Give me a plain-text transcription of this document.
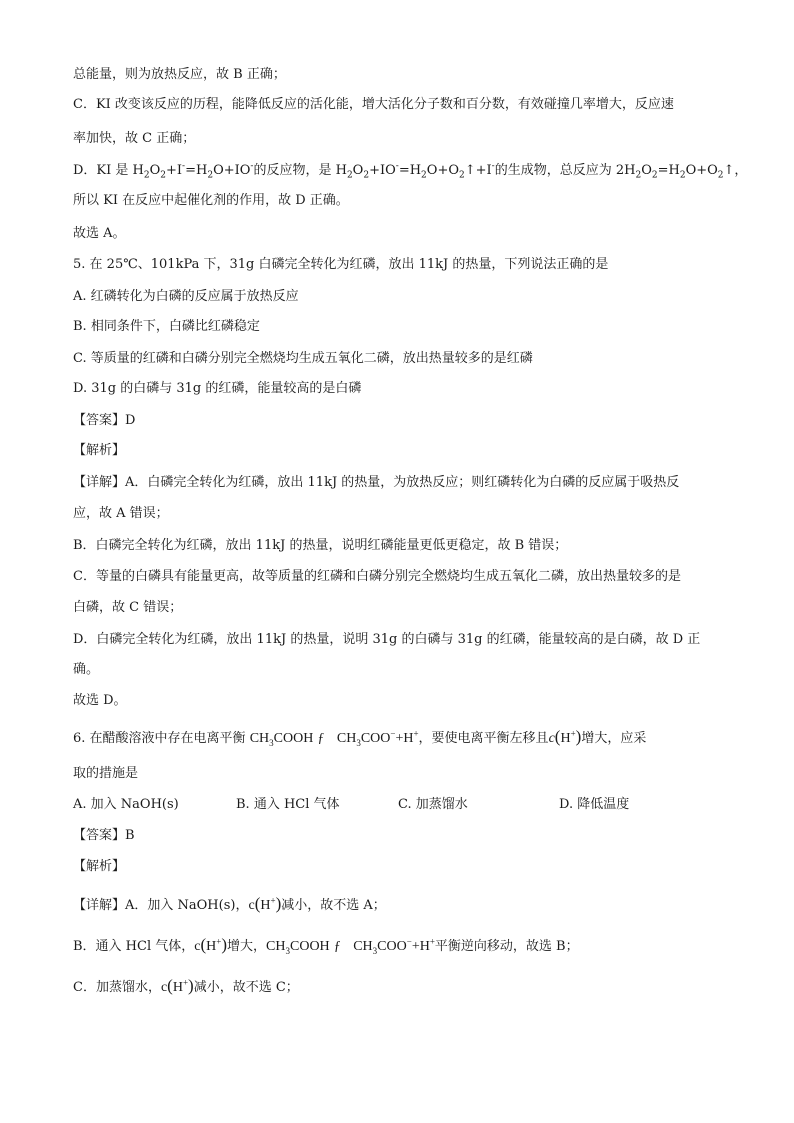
总能量，则为放热反应，故 B 正确；
C．KI 改变该反应的历程，能降低反应的活化能，增大活化分子数和百分数，有效碰撞几率增大，反应速
率加快，故 C 正确；
D．KI 是 $H_2O_2+I^-=H_2O+IO^-$的反应物，是 $H_2O_2+IO^-=H_2O+O_2↑+I^-$的生成物，总反应为 $2H_2O_2=H_2O+O_2↑$，
所以 KI 在反应中起催化剂的作用，故 D 正确。
故选 A。
5. 在 25℃、101kPa 下，31g 白磷完全转化为红磷，放出 11kJ 的热量，下列说法正确的是
A. 红磷转化为白磷的反应属于放热反应
B. 相同条件下，白磷比红磷稳定
C. 等质量的红磷和白磷分别完全燃烧均生成五氧化二磷，放出热量较多的是红磷
D. 31g 的白磷与 31g 的红磷，能量较高的是白磷
【答案】D
【解析】
【详解】A．白磷完全转化为红磷，放出 11kJ 的热量，为放热反应；则红磷转化为白磷的反应属于吸热反
应，故 A 错误；
B．白磷完全转化为红磷，放出 11kJ 的热量，说明红磷能量更低更稳定，故 B 错误；
C．等量的白磷具有能量更高，故等质量的红磷和白磷分别完全燃烧均生成五氧化二磷，放出热量较多的是
白磷，故 C 错误；
D．白磷完全转化为红磷，放出 11kJ 的热量，说明 31g 的白磷与 31g 的红磷，能量较高的是白磷，故 D 正
确。
故选 D。
6. 在醋酸溶液中存在电离平衡 $CH_3COOH$ ƒ $CH_3COO^-+H^+$，要使电离平衡左移且c(H+)增大，应采
取的措施是
A. 加入 NaOH(s)	B. 通入 HCl 气体	C. 加蒸馏水	D. 降低温度
【答案】B
【解析】
【详解】A．加入 NaOH(s)，c(H+)减小，故不选 A；
B．通入 HCl 气体，c(H+)增大，$CH_3COOH$ ƒ $CH_3COO^-+H^+$平衡逆向移动，故选 B；
C．加蒸馏水，c(H+)减小，故不选 C；
